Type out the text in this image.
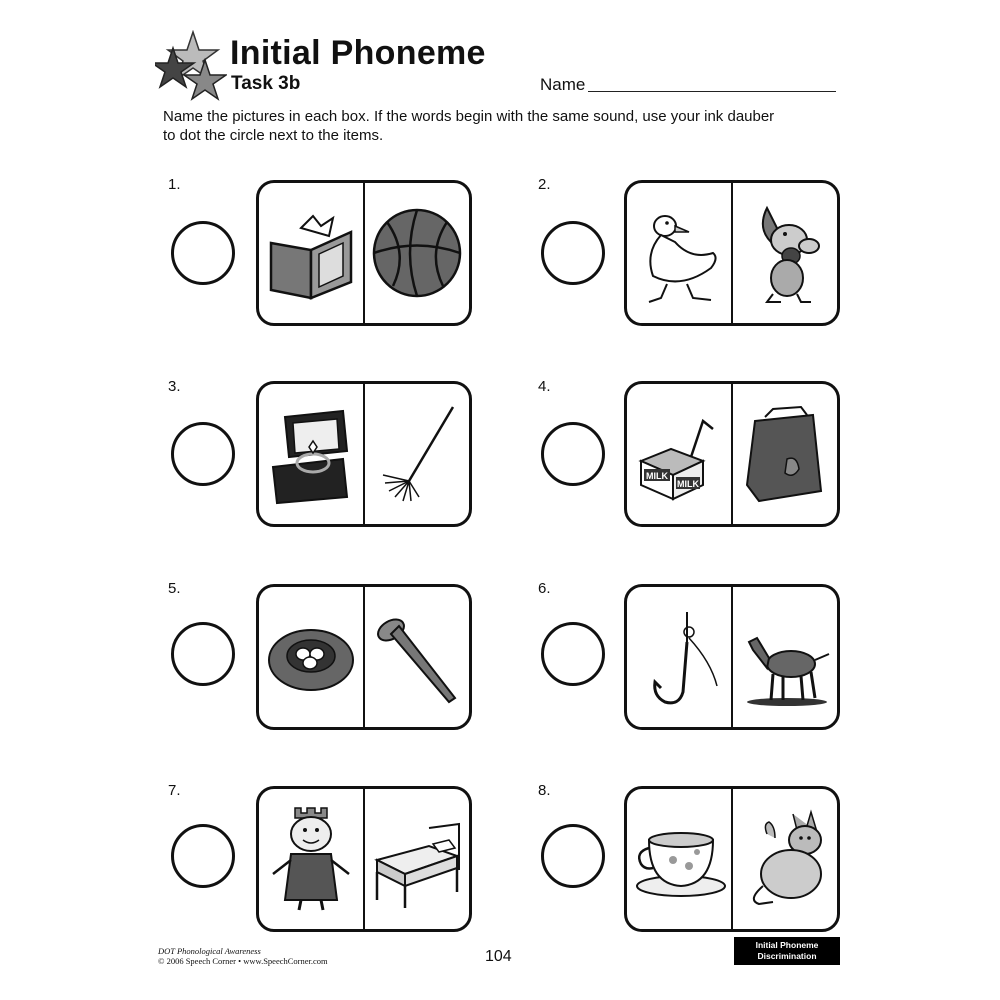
Initial Phoneme
Task 3b	Name
Name the pictures in each box. If the words begin with the same sound, use your ink dauber
to dot the circle next to the items.
1.	2.
3.	4.
MILK
MILK
5.	6.
7.	8.
DOT Phonological Awareness
© 2006 Speech Corner • www.SpeechCorner.com	104
Initial Phoneme
Discrimination
